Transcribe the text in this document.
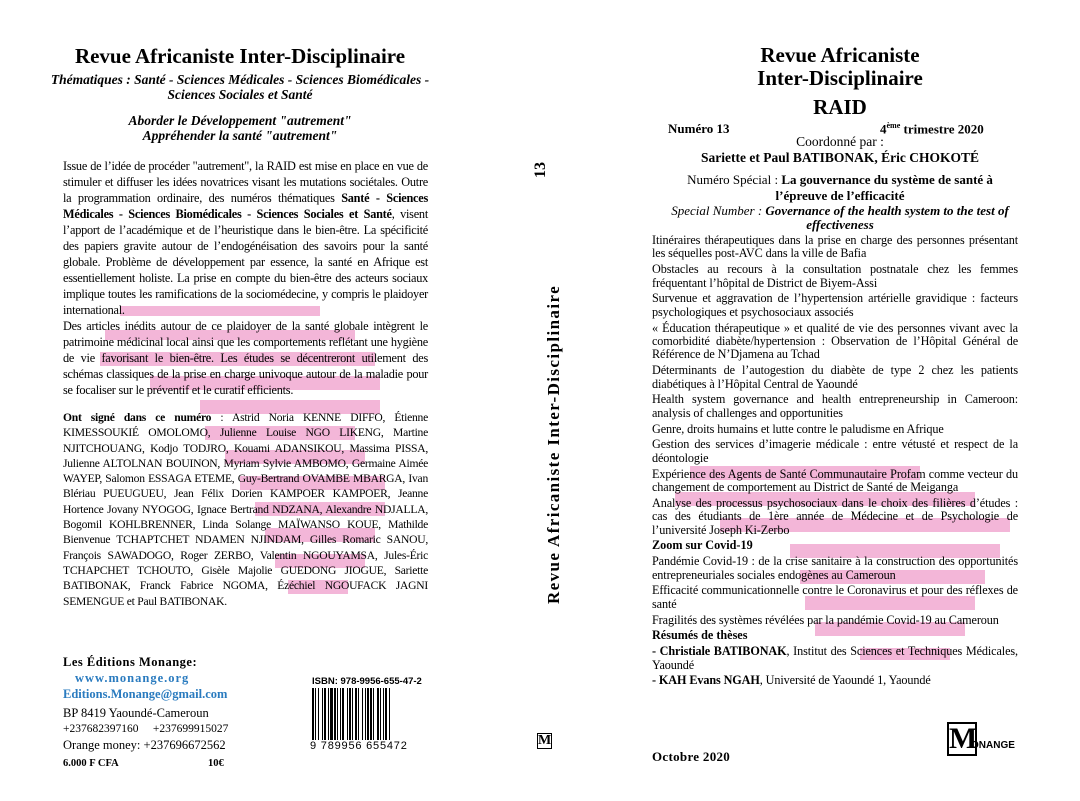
Revue Africaniste Inter-Disciplinaire
Thématiques : Santé - Sciences Médicales - Sciences Biomédicales - Sciences Sociales et Santé
Aborder le Développement "autrement"
Appréhender la santé "autrement"
Issue de l’idée de procéder "autrement", la RAID est mise en place en vue de stimuler et diffuser les idées novatrices visant les mutations sociétales. Outre la programmation ordinaire, des numéros thématiques Santé - Sciences Médicales - Sciences Biomédicales - Sciences Sociales et Santé, visent l’apport de l’académique et de l’heuristique dans le bien-être. La spécificité des papiers gravite autour de l’endogénéisation des savoirs pour la santé globale. Problème de développement par essence, la santé en Afrique est essentiellement holiste. La prise en compte du bien-être des acteurs sociaux implique toutes les ramifications de la sociomédecine, y compris le plaidoyer international.
Des articles inédits autour de ce plaidoyer de la santé globale intègrent le patrimoine médicinal local ainsi que les comportements reflétant une hygiène de vie favorisant le bien-être. Les études se décentreront utilement des schémas classiques de la prise en charge univoque autour de la maladie pour se focaliser sur le préventif et le curatif efficients.
Ont signé dans ce numéro : Astrid Noria KENNE DIFFO, Étienne KIMESSOUKIÉ OMOLOMO, Julienne Louise NGO LIKENG, Martine NJITCHOUANG, Kodjo TODJRO, Kouami ADANSIKOU, Massima PISSA, Julienne ALTOLNAN BOUINON, Myriam Sylvie AMBOMO, Germaine Aimée WAYEP, Salomon ESSAGA ETEME, Guy-Bertrand OVAMBE MBARGA, Ivan Blériau PUEUGUEU, Jean Félix Dorien KAMPOER KAMPOER, Jeanne Hortence Jovany NYOGOG, Ignace Bertrand NDZANA, Alexandre NDJALLA, Bogomil KOHLBRENNER, Linda Solange MAÏWANSO KOUE, Mathilde Bienvenue TCHAPTCHET NDAMEN NJINDAM, Gilles Romaric SANOU, François SAWADOGO, Roger ZERBO, Valentin NGOUYAMSA, Jules-Éric TCHAPCHET TCHOUTO, Gisèle Majolie GUEDONG JIOGUE, Sariette BATIBONAK, Franck Fabrice NGOMA, Ézéchiel NGOUFACK JAGNI SEMENGUE et Paul BATIBONAK.
Les Éditions Monange:
www.monange.org
Editions.Monange@gmail.com
BP 8419 Yaoundé-Cameroun
+237682397160     +237699915027
Orange money: +237696672562
6.000 F CFA	10€
ISBN: 978-9956-655-47-2
9 789956 655472
13
Revue Africaniste Inter-Disciplinaire
M
Revue Africaniste
Inter-Disciplinaire
RAID
Numéro 13	4ème trimestre 2020
Coordonné par :
Sariette et Paul BATIBONAK, Éric CHOKOTÉ
Numéro Spécial : La gouvernance du système de santé à l’épreuve de l’efficacité
Special Number : Governance of the health system to the test of effectiveness
Itinéraires thérapeutiques dans la prise en charge des personnes présentant les séquelles post-AVC dans la ville de Bafia
Obstacles au recours à la consultation postnatale chez les femmes fréquentant l’hôpital de District de Biyem-Assi
Survenue et aggravation de l’hypertension artérielle gravidique : facteurs psychologiques et psychosociaux associés
« Éducation thérapeutique » et qualité de vie des personnes vivant avec la comorbidité diabète/hypertension : Observation de l’Hôpital Général de Référence de N’Djamena au Tchad
Déterminants de l’autogestion du diabète de type 2 chez les patients diabétiques à l’Hôpital Central de Yaoundé
Health system governance and health entrepreneurship in Cameroon: analysis of challenges and opportunities
Genre, droits humains et lutte contre le paludisme en Afrique
Gestion des services d’imagerie médicale : entre vétusté et respect de la déontologie
Expérience des Agents de Santé Communautaire Profam comme vecteur du changement de comportement au District de Santé de Meiganga
Analyse des processus psychosociaux dans le choix des filières d’études : cas des étudiants de 1ère année de Médecine et de Psychologie de l’université Joseph Ki-Zerbo
Zoom sur Covid-19
Pandémie Covid-19 : de la crise sanitaire à la construction des opportunités entrepreneuriales sociales endogènes au Cameroun
Efficacité communicationnelle contre le Coronavirus et pour des réflexes de santé
Fragilités des systèmes révélées par la pandémie Covid-19 au Cameroun
Résumés de thèses
- Christiale BATIBONAK, Institut des Sciences et Techniques Médicales, Yaoundé
- KAH Evans NGAH, Université de Yaoundé 1, Yaoundé
Octobre 2020
M
ONANGE
